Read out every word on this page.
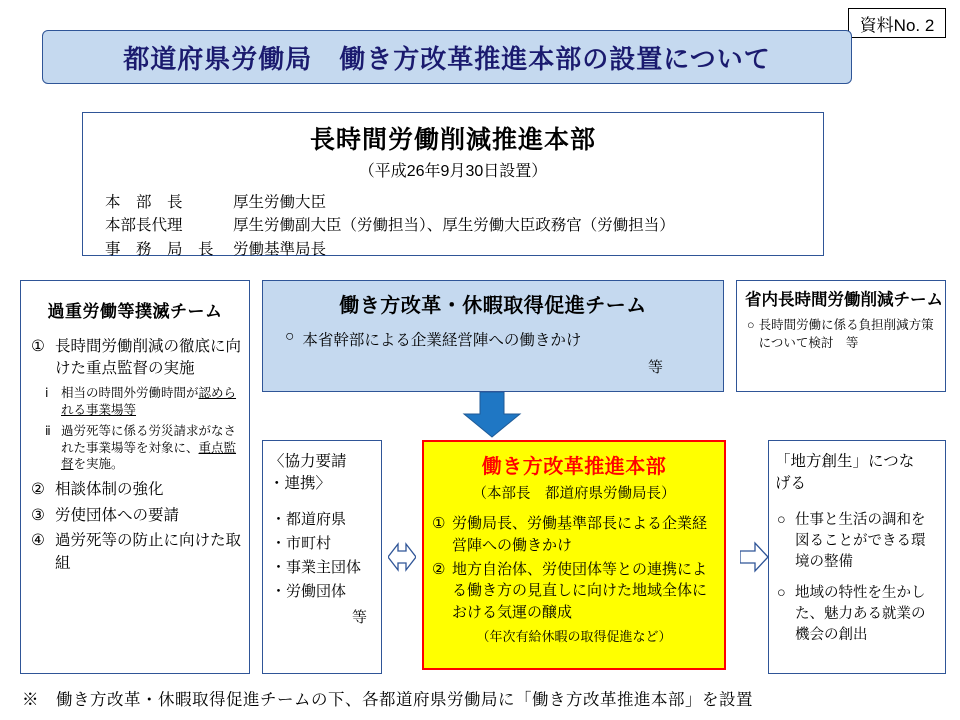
資料No. 2
都道府県労働局　働き方改革推進本部の設置について
長時間労働削減推進本部
（平成26年9月30日設置）
本　部　長	厚生労働大臣
本部長代理	厚生労働副大臣（労働担当）、厚生労働大臣政務官（労働担当）
事　務　局　長	労働基準局長
過重労働等撲滅チーム
① 長時間労働削減の徹底に向けた重点監督の実施
ⅰ	相当の時間外労働時間が認められる事業場等
ⅱ 過労死等に係る労災請求がなされた事業場等を対象に、重点監督を実施。
② 相談体制の強化
③ 労使団体への要請
④ 過労死等の防止に向けた取組
働き方改革・休暇取得促進チーム
○ 本省幹部による企業経営陣への働きかけ
等
省内長時間労働削減チーム
○ 長時間労働に係る負担削減方策について検討　等
〈協力要請
・連携〉
・都道府県
・市町村
・事業主団体
・労働団体
等
働き方改革推進本部
（本部長　都道府県労働局長）
① 労働局長、労働基準部長による企業経営陣への働きかけ
② 地方自治体、労使団体等との連携による働き方の見直しに向けた地域全体における気運の醸成
（年次有給休暇の取得促進など）
「地方創生」につな
げる
○ 仕事と生活の調和を図ることができる環境の整備
○ 地域の特性を生かした、魅力ある就業の機会の創出
※　働き方改革・休暇取得促進チームの下、各都道府県労働局に「働き方改革推進本部」を設置
